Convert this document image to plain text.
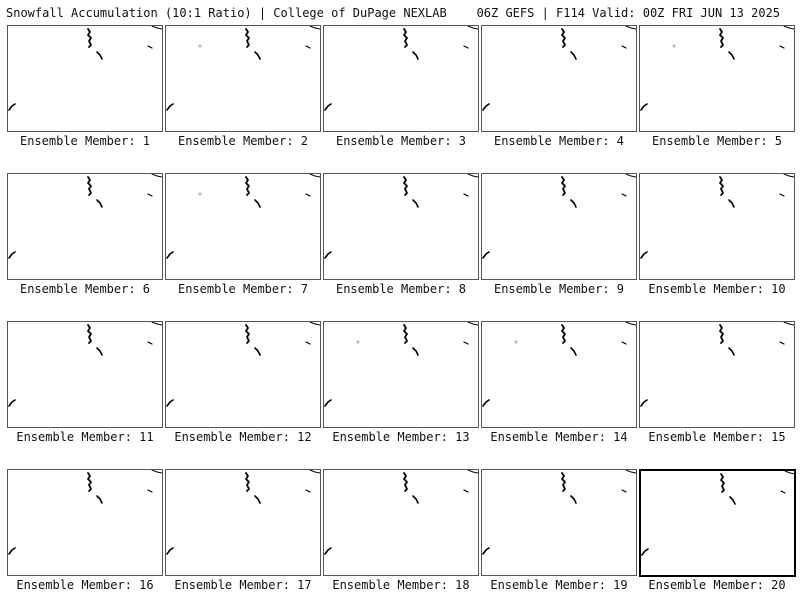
Snowfall Accumulation (10:1 Ratio) | College of DuPage NEXLAB 06Z GEFS | F114 Valid: 00Z FRI JUN 13 2025
Ensemble Member: 1	Ensemble Member: 2	Ensemble Member: 3	Ensemble Member: 4	Ensemble Member: 5
Ensemble Member: 6	Ensemble Member: 7	Ensemble Member: 8	Ensemble Member: 9	Ensemble Member: 10
Ensemble Member: 11	Ensemble Member: 12	Ensemble Member: 13	Ensemble Member: 14	Ensemble Member: 15
Ensemble Member: 16	Ensemble Member: 17	Ensemble Member: 18	Ensemble Member: 19	Ensemble Member: 20
